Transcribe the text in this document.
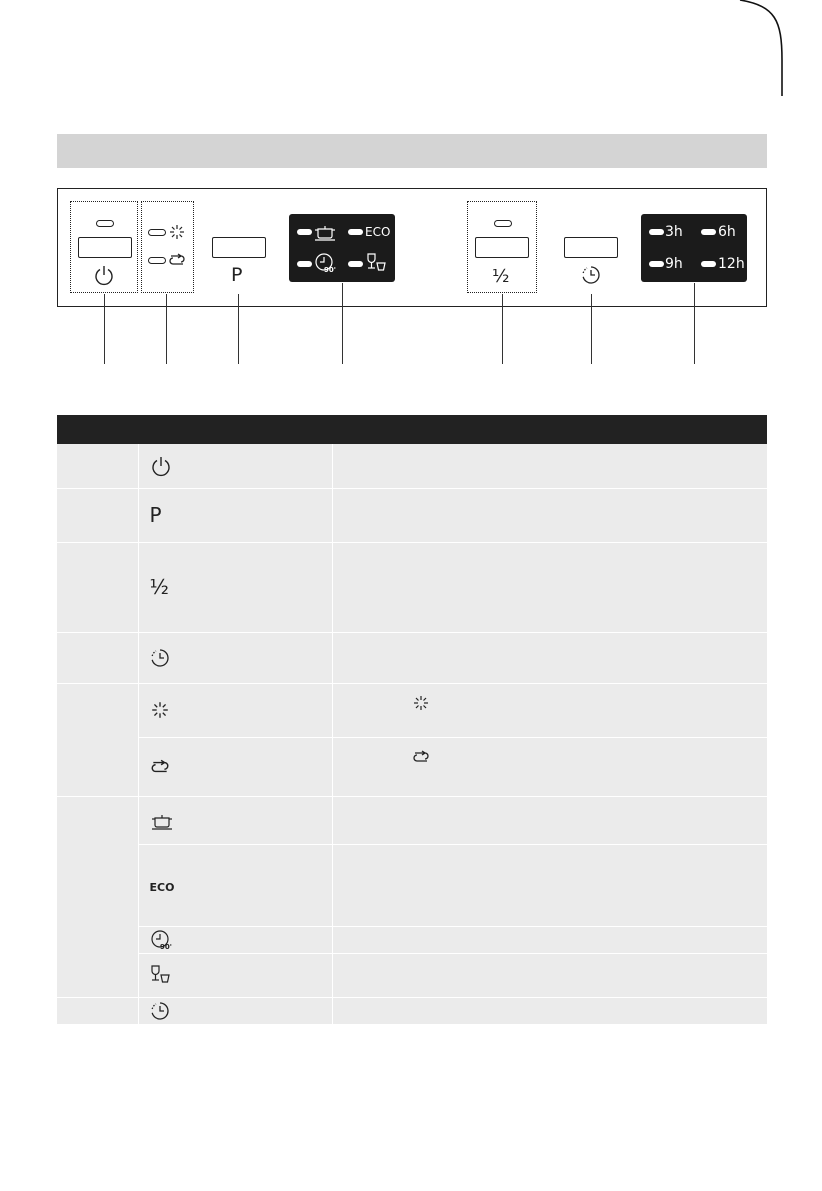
P
ECO
90'	½
3h	6h
9h	12h

	P	
	½	

	ECO	

90'	
